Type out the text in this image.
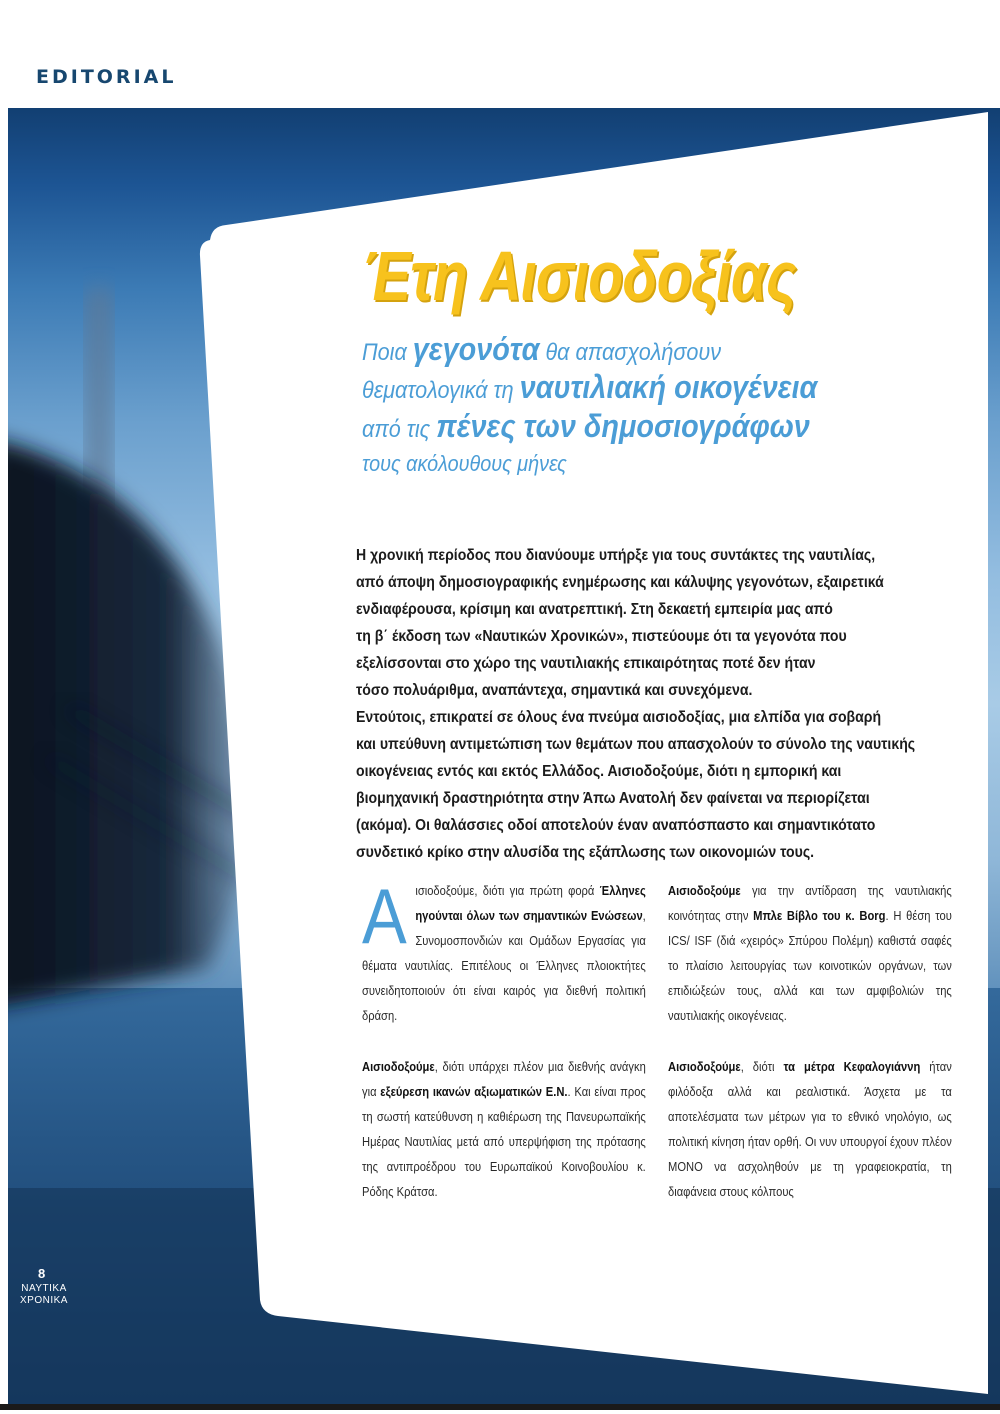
EDITORIAL
8
ΝΑΥΤΙΚΑ
ΧΡΟΝΙΚΑ
Έτη Αισιοδοξίας
Ποια γεγονότα θα απασχολήσουν
θεματολογικά τη ναυτιλιακή οικογένεια
από τις πένες των δημοσιογράφων
τους ακόλουθους μήνες

Η χρονική περίοδος που διανύουμε υπήρξε για τους συντάκτες της ναυτιλίας,

από άποψη δημοσιογραφικής ενημέρωσης και κάλυψης γεγονότων, εξαιρετικά

ενδιαφέρουσα, κρίσιμη και ανατρεπτική. Στη δεκαετή εμπειρία μας από

τη β΄ έκδοση των «Ναυτικών Χρονικών», πιστεύουμε ότι τα γεγονότα που

εξελίσσονται στο χώρο της ναυτιλιακής επικαιρότητας ποτέ δεν ήταν

τόσο πολυάριθμα, αναπάντεχα, σημαντικά και συνεχόμενα.

Εντούτοις, επικρατεί σε όλους ένα πνεύμα αισιοδοξίας, μια ελπίδα για σοβαρή

και υπεύθυνη αντιμετώπιση των θεμάτων που απασχολούν το σύνολο της ναυτικής

οικογένειας εντός και εκτός Ελλάδος. Αισιοδοξούμε, διότι η εμπορική και

βιομηχανική δραστηριότητα στην Άπω Ανατολή δεν φαίνεται να περιορίζεται

(ακόμα). Οι θαλάσσιες οδοί αποτελούν έναν αναπόσπαστο και σημαντικότατο

συνδετικό κρίκο στην αλυσίδα της εξάπλωσης των οικονομιών τους.

Αισιοδοξούμε, διότι για πρώτη φορά Έλληνες ηγούνται όλων των σημαντικών Ενώσεων, Συνομοσπονδιών και Ομάδων Εργασίας για θέματα ναυτιλίας. Επιτέλους οι Έλληνες πλοιοκτήτες συνειδητοποιούν ότι είναι καιρός για διεθνή πολιτική δράση.

Αισιοδοξούμε, διότι υπάρχει πλέον μια διεθνής ανάγκη για εξεύρεση ικανών αξιωματικών Ε.Ν.. Και είναι προς τη σωστή κατεύθυνση η καθιέρωση της Πανευρωπαϊκής Ημέρας Ναυτιλίας μετά από υπερψήφιση της πρότασης της αντιπροέδρου του Ευρωπαϊκού Κοινοβουλίου κ. Ρόδης Κράτσα.

Αισιοδοξούμε για την αντίδραση της ναυτιλιακής κοινότητας στην Μπλε Βίβλο του κ. Borg. Η θέση του ICS/ ISF (διά «χειρός» Σπύρου Πολέμη) καθιστά σαφές το πλαίσιο λειτουργίας των κοινοτικών οργάνων, των επιδιώξεών τους, αλλά και των αμφιβολιών της ναυτιλιακής οικογένειας.

Αισιοδοξούμε, διότι τα μέτρα Κεφαλογιάννη ήταν φιλόδοξα αλλά και ρεαλιστικά. Άσχετα με τα αποτελέσματα των μέτρων για το εθνικό νηολόγιο, ως πολιτική κίνηση ήταν ορθή. Οι νυν υπουργοί έχουν πλέον ΜΟΝΟ να ασχοληθούν με τη γραφειοκρατία, τη διαφάνεια στους κόλπους
